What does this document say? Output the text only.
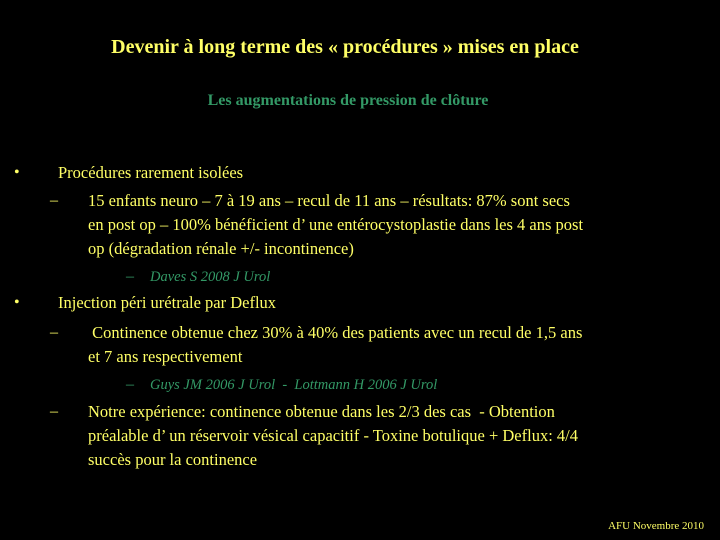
Devenir à long terme des « procédures » mises en place
Les augmentations de pression de clôture
• Procédures rarement isolées
– 15 enfants neuro – 7 à 19 ans – recul de 11 ans – résultats: 87% sont secs
en post op – 100% bénéficient d’ une entérocystoplastie dans les 4 ans post
op (dégradation rénale +/- incontinence)
– Daves S 2008 J Urol
• Injection péri urétrale par Deflux
– Continence obtenue chez 30% à 40% des patients avec un recul de 1,5 ans
et 7 ans respectivement
– Guys JM 2006 J Urol  -  Lottmann H 2006 J Urol
– Notre expérience: continence obtenue dans les 2/3 des cas  - Obtention
préalable d’ un réservoir vésical capacitif - Toxine botulique + Deflux: 4/4
succès pour la continence
AFU Novembre 2010
